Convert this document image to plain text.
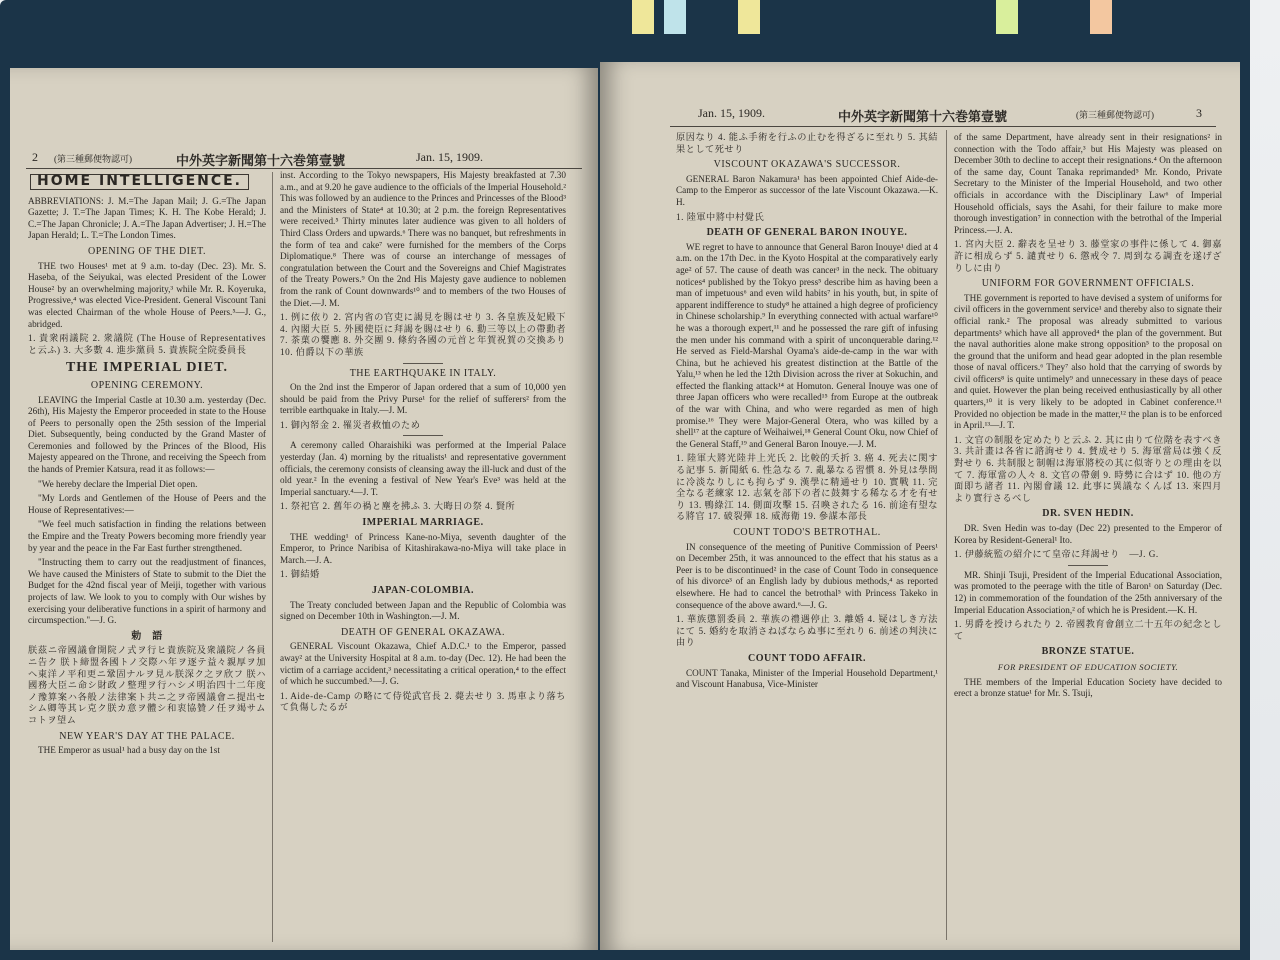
2 (第三種郵便物認可)	中外英字新聞第十六巻第壹號	Jan. 15, 1909.
HOME INTELLIGENCE.

ABBREVIATIONS: J. M.=The Japan Mail; J. G.=The Japan Gazette; J. T.=The Japan Times; K. H. The Kobe Herald; J. C.=The Japan Chronicle; J. A.=The Japan Advertiser; J. H.=The Japan Herald; L. T.=The London Times.

OPENING OF THE DIET.

THE two Houses¹ met at 9 a.m. to-day (Dec. 23). Mr. S. Haseba, of the Seiyukai, was elected President of the Lower House² by an overwhelming majority,³ while Mr. R. Koyeruka, Progressive,⁴ was elected Vice-President. General Viscount Tani was elected Chairman of the whole House of Peers.⁵—J. G., abridged.

1. 貴衆兩議院 2. 衆議院 (The House of Representatives と云ふ) 3. 大多數 4. 進歩黨員 5. 貴族院全院委員長

THE IMPERIAL DIET.
OPENING CEREMONY.

LEAVING the Imperial Castle at 10.30 a.m. yesterday (Dec. 26th), His Majesty the Emperor proceeded in state to the House of Peers to personally open the 25th session of the Imperial Diet. Subsequently, being conducted by the Grand Master of Ceremonies and followed by the Princes of the Blood, His Majesty appeared on the Throne, and receiving the Speech from the hands of Premier Katsura, read it as follows:—

"We hereby declare the Imperial Diet open.

"My Lords and Gentlemen of the House of Peers and the House of Representatives:—

"We feel much satisfaction in finding the relations between the Empire and the Treaty Powers becoming more friendly year by year and the peace in the Far East further strengthened.

"Instructing them to carry out the readjustment of finances, We have caused the Ministers of State to submit to the Diet the Budget for the 42nd fiscal year of Meiji, together with various projects of law. We look to you to comply with Our wishes by exercising your deliberative functions in a spirit of harmony and circumspection."—J. G.

勅　語

朕茲ニ帝國議會開院ノ式ヲ行ヒ貴族院及衆議院ノ各員ニ告ク 朕ト締盟各國トノ交際ハ年ヲ逐テ益々親厚ヲ加ヘ東洋ノ平和更ニ鞏固ナルヲ見ル朕深ク之ヲ欣フ 朕ハ國務大臣ニ命シ財政ノ整理ヲ行ハシメ明治四十二年度ノ豫算案ハ各般ノ法律案ト共ニ之ヲ帝國議會ニ提出セシム卿等其レ克ク朕カ意ヲ體シ和衷協贊ノ任ヲ竭サムコトヲ望ム

NEW YEAR'S DAY AT THE PALACE.

THE Emperor as usual¹ had a busy day on the 1st

inst. According to the Tokyo newspapers, His Majesty breakfasted at 7.30 a.m., and at 9.20 he gave audience to the officials of the Imperial Household.² This was followed by an audience to the Princes and Princesses of the Blood³ and the Ministers of State⁴ at 10.30; at 2 p.m. the foreign Representatives were received.⁵ Thirty minutes later audience was given to all holders of Third Class Orders and upwards.⁶ There was no banquet, but refreshments in the form of tea and cake⁷ were furnished for the members of the Corps Diplomatique.⁸ There was of course an interchange of messages of congratulation between the Court and the Sovereigns and Chief Magistrates of the Treaty Powers.⁹ On the 2nd His Majesty gave audience to noblemen from the rank of Count downwards¹⁰ and to members of the two Houses of the Diet.—J. M.

1. 例に依り 2. 宮内省の官吏に謁見を賜はせり 3. 各皇族及妃殿下 4. 內閣大臣 5. 外國使臣に拜謁を賜はせり 6. 勳三等以上の帶勳者 7. 茶菓の饗應 8. 外交團 9. 條約各國の元首と年賀祝賀の交換あり 10. 伯爵以下の華族

THE EARTHQUAKE IN ITALY.

On the 2nd inst the Emperor of Japan ordered that a sum of 10,000 yen should be paid from the Privy Purse¹ for the relief of sufferers² from the terrible earthquake in Italy.—J. M.

1. 御內帑金 2. 罹災者救恤のため

A ceremony called Oharaishiki was performed at the Imperial Palace yesterday (Jan. 4) morning by the ritualists¹ and representative government officials, the ceremony consists of cleansing away the ill-luck and dust of the old year.² In the evening a festival of New Year's Eve³ was held at the Imperial sanctuary.⁴—J. T.

1. 祭祀官 2. 舊年の禍と塵を拂ふ 3. 大晦日の祭 4. 賢所

IMPERIAL MARRIAGE.

THE wedding¹ of Princess Kane-no-Miya, seventh daughter of the Emperor, to Prince Naribisa of Kitashirakawa-no-Miya will take place in March.—J. A.

1. 御結婚

JAPAN-COLOMBIA.

The Treaty concluded between Japan and the Republic of Colombia was signed on December 10th in Washington.—J. M.

DEATH OF GENERAL OKAZAWA.

GENERAL Viscount Okazawa, Chief A.D.C.¹ to the Emperor, passed away² at the University Hospital at 8 a.m. to-day (Dec. 12). He had been the victim of a carriage accident,³ necessitating a critical operation,⁴ to the effect of which he succumbed.⁵—J. G.

1. Aide-de-Camp の略にて侍從武官長 2. 薨去せり 3. 馬車より落ちて負傷したるが

Jan. 15, 1909.	中外英字新聞第十六巻第壹號	(第三種郵便物認可)	3

原因なり 4. 能ふ手術を行ふの止むを得ざるに至れり 5. 其結果として死せり

VISCOUNT OKAZAWA'S SUCCESSOR.

GENERAL Baron Nakamura¹ has been appointed Chief Aide-de-Camp to the Emperor as successor of the late Viscount Okazawa.—K. H.

1. 陸軍中將中村覺氏

DEATH OF GENERAL BARON INOUYE.

WE regret to have to announce that General Baron Inouye¹ died at 4 a.m. on the 17th Dec. in the Kyoto Hospital at the comparatively early age² of 57. The cause of death was cancer³ in the neck. The obituary notices⁴ published by the Tokyo press⁵ describe him as having been a man of impetuous⁶ and even wild habits⁷ in his youth, but, in spite of apparent indifference to study⁸ he attained a high degree of proficiency in Chinese scholarship.⁹ In everything connected with actual warfare¹⁰ he was a thorough expert,¹¹ and he possessed the rare gift of infusing the men under his command with a spirit of unconquerable daring.¹² He served as Field-Marshal Oyama's aide-de-camp in the war with China, but he achieved his greatest distinction at the Battle of the Yalu,¹³ when he led the 12th Division across the river at Sokuchin, and effected the flanking attack¹⁴ at Homuton. General Inouye was one of three Japan officers who were recalled¹⁵ from Europe at the outbreak of the war with China, and who were regarded as men of high promise.¹⁶ They were Major-General Otera, who was killed by a shell¹⁷ at the capture of Weihaiwei,¹⁸ General Count Oku, now Chief of the General Staff,¹⁹ and General Baron Inouye.—J. M.

1. 陸軍大將光陸井上光氏 2. 比較的夭折 3. 癌 4. 死去に関する記事 5. 新聞紙 6. 性急なる 7. 亂暴なる習慣 8. 外見は學問に冷淡なりしにも拘らず 9. 漢學に精通せり 10. 實戰 11. 完全なる老練家 12. 志氣を部下の者に鼓舞する稀なる才を有せり 13. 鴨綠江 14. 側面攻擊 15. 召喚されたる 16. 前途有望なる將官 17. 破裂彈 18. 威海衛 19. 參謀本部長

COUNT TODO'S BETROTHAL.

IN consequence of the meeting of Punitive Commission of Peers¹ on December 25th, it was announced to the effect that his status as a Peer is to be discontinued² in the case of Count Todo in consequence of his divorce³ of an English lady by dubious methods,⁴ as reported elsewhere. He had to cancel the betrothal⁵ with Princess Takeko in consequence of the above award.⁶—J. G.

1. 華族懲罰委員 2. 華族の禮遇停止 3. 離婚 4. 疑はしき方法にて 5. 婚約を取消さねばならぬ事に至れり 6. 前述の判決に由り

COUNT TODO AFFAIR.

COUNT Tanaka, Minister of the Imperial Household Department,¹ and Viscount Hanabusa, Vice-Minister

of the same Department, have already sent in their resignations² in connection with the Todo affair,³ but His Majesty was pleased on December 30th to decline to accept their resignations.⁴ On the afternoon of the same day, Count Tanaka reprimanded⁵ Mr. Kondo, Private Secretary to the Minister of the Imperial Household, and two other officials in accordance with the Disciplinary Law⁶ of Imperial Household officials, says the Asahi, for their failure to make more thorough investigation⁷ in connection with the betrothal of the Imperial Princess.—J. A.

1. 宮內大臣 2. 辭表を呈せり 3. 藤堂家の事件に係して 4. 御嘉許に相成らず 5. 譴責せり 6. 懲戒令 7. 周到なる調査を遂げざりしに由り

UNIFORM FOR GOVERNMENT OFFICIALS.

THE government is reported to have devised a system of uniforms for civil officers in the government service¹ and thereby also to signate their official rank.² The proposal was already submitted to various departments³ which have all approved⁴ the plan of the government. But the naval authorities alone make strong opposition⁵ to the proposal on the ground that the uniform and head gear adopted in the plan resemble those of naval officers.⁶ They⁷ also hold that the carrying of swords by civil officers⁸ is quite untimely⁹ and unnecessary in these days of peace and quiet. However the plan being received enthusiastically by all other quarters,¹⁰ it is very likely to be adopted in Cabinet conference.¹¹ Provided no objection be made in the matter,¹² the plan is to be enforced in April.¹³—J. T.

1. 文官の制服を定めたりと云ふ 2. 其に由りて位階を表すべき 3. 共計畫は各省に諮詢せり 4. 賛成せり 5. 海軍當局は強く反對せり 6. 共制服と制帽は海軍將校の其に似寄りとの理由を以て 7. 海軍當の人々 8. 文官の帶劍 9. 時勢に合はず 10. 他の方面即ち諸者 11. 內閣會議 12. 此事に異議なくんば 13. 來四月より實行さるべし

DR. SVEN HEDIN.

DR. Sven Hedin was to-day (Dec 22) presented to the Emperor of Korea by Resident-General¹ Ito.

1. 伊藤統監の紹介にて皇帝に拜謁せり　—J. G.

MR. Shinji Tsuji, President of the Imperial Educational Association, was promoted to the peerage with the title of Baron¹ on Saturday (Dec. 12) in commemoration of the foundation of the 25th anniversary of the Imperial Education Association,² of which he is President.—K. H.

1. 男爵を授けられたり 2. 帝國教育會創立二十五年の紀念として

BRONZE STATUE.
FOR PRESIDENT OF EDUCATION SOCIETY.

THE members of the Imperial Education Society have decided to erect a bronze statue¹ for Mr. S. Tsuji,
